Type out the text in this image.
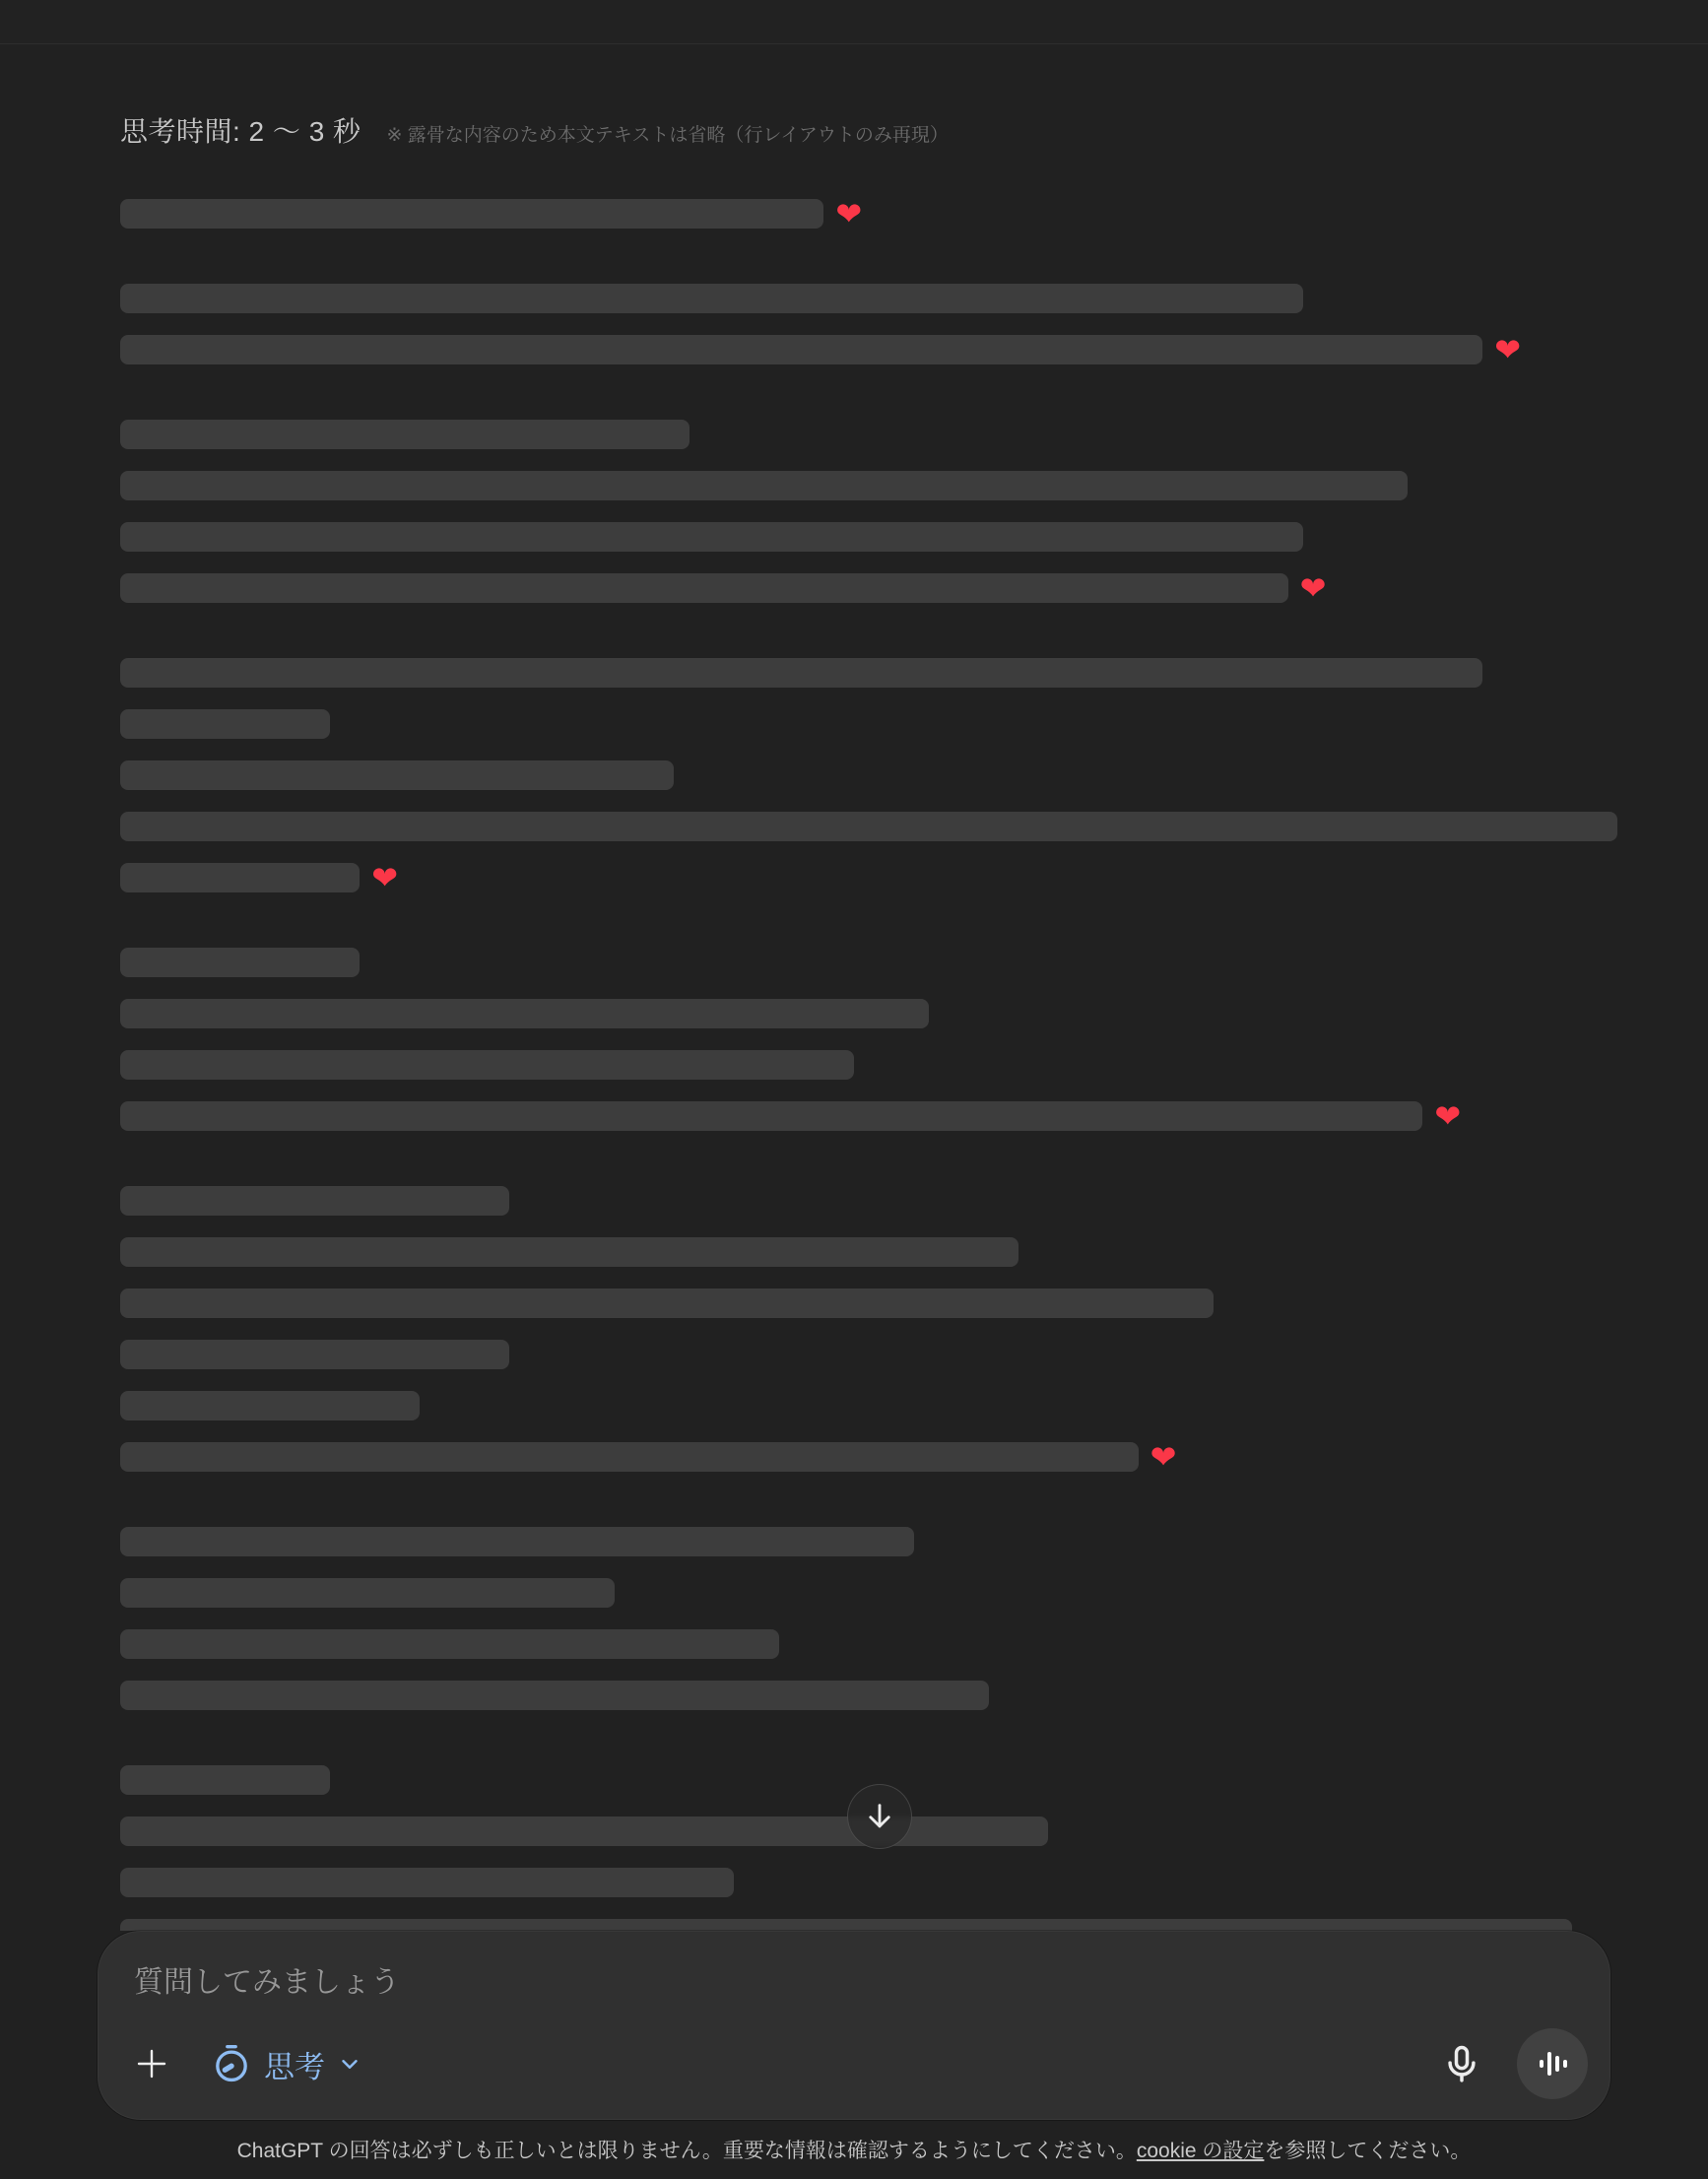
思考時間: 2 〜 3 秒 ※ 露骨な内容のため本文テキストは省略（行レイアウトのみ再現）
❤
❤
❤
❤
❤
❤
質問してみましょう
思考
ChatGPT の回答は必ずしも正しいとは限りません。重要な情報は確認するようにしてください。cookie の設定を参照してください。
